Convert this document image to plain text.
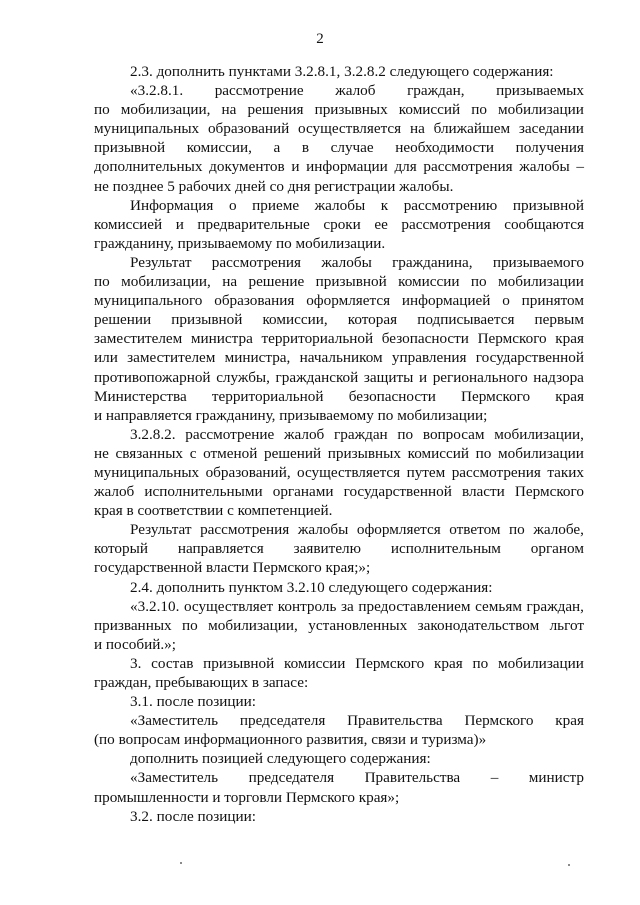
2
2.3. дополнить пунктами 3.2.8.1, 3.2.8.2 следующего содержания:
«3.2.8.1. рассмотрение жалоб граждан, призываемых
по мобилизации, на решения призывных комиссий по мобилизации
муниципальных образований осуществляется на ближайшем заседании
призывной комиссии, а в случае необходимости получения
дополнительных документов и информации для рассмотрения жалобы –
не позднее 5 рабочих дней со дня регистрации жалобы.
Информация о приеме жалобы к рассмотрению призывной
комиссией и предварительные сроки ее рассмотрения сообщаются
гражданину, призываемому по мобилизации.
Результат рассмотрения жалобы гражданина, призываемого
по мобилизации, на решение призывной комиссии по мобилизации
муниципального образования оформляется информацией о принятом
решении призывной комиссии, которая подписывается первым
заместителем министра территориальной безопасности Пермского края
или заместителем министра, начальником управления государственной
противопожарной службы, гражданской защиты и регионального надзора
Министерства территориальной безопасности Пермского края
и направляется гражданину, призываемому по мобилизации;
3.2.8.2. рассмотрение жалоб граждан по вопросам мобилизации,
не связанных с отменой решений призывных комиссий по мобилизации
муниципальных образований, осуществляется путем рассмотрения таких
жалоб исполнительными органами государственной власти Пермского
края в соответствии с компетенцией.
Результат рассмотрения жалобы оформляется ответом по жалобе,
который направляется заявителю исполнительным органом
государственной власти Пермского края;»;
2.4. дополнить пунктом 3.2.10 следующего содержания:
«3.2.10. осуществляет контроль за предоставлением семьям граждан,
призванных по мобилизации, установленных законодательством льгот
и пособий.»;
3. состав призывной комиссии Пермского края по мобилизации
граждан, пребывающих в запасе:
3.1. после позиции:
«Заместитель председателя Правительства Пермского края
(по вопросам информационного развития, связи и туризма)»
дополнить позицией следующего содержания:
«Заместитель председателя Правительства – министр
промышленности и торговли Пермского края»;
3.2. после позиции:
